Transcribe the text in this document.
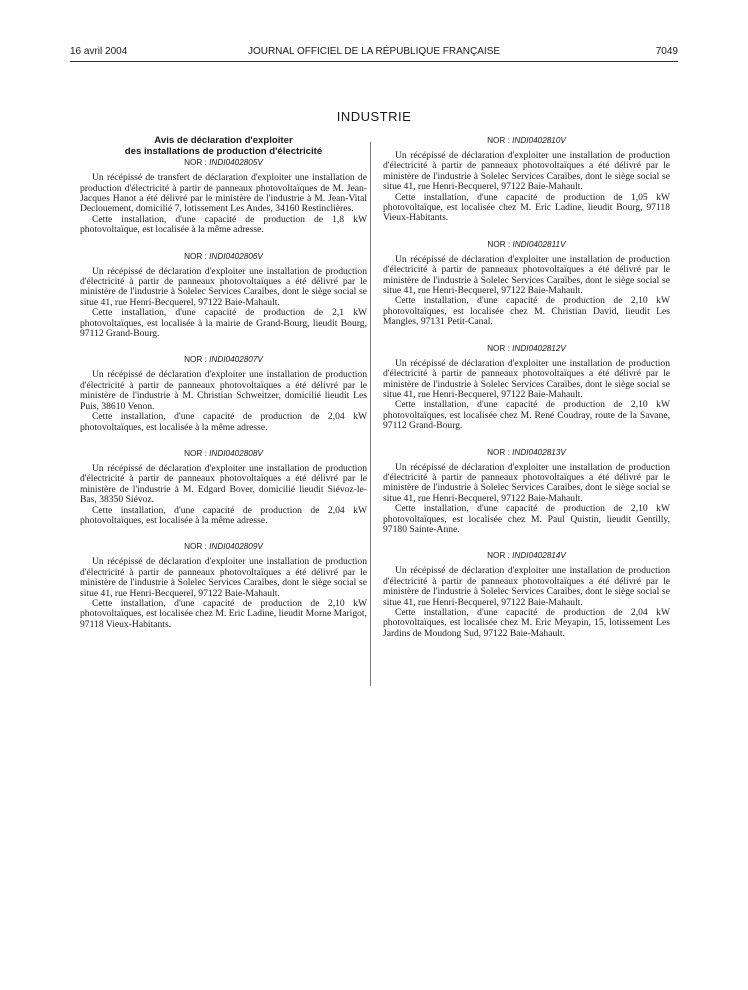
16 avril 2004	JOURNAL OFFICIEL DE LA RÉPUBLIQUE FRANÇAISE	7049
INDUSTRIE
Avis de déclaration d'exploiter
des installations de production d'électricité
NOR : INDI0402805V

Un récépissé de transfert de déclaration d'exploiter une installation de production d'électricité à partir de panneaux photovoltaïques de M. Jean-Jacques Hanot a été délivré par le ministère de l'industrie à M. Jean-Vital Declouement, domicilié 7, lotissement Les Andes, 34160 Restinclières.

Cette installation, d'une capacité de production de 1,8 kW photovoltaïque, est localisée à la même adresse.

NOR : INDI0402806V

Un récépissé de déclaration d'exploiter une installation de production d'électricité à partir de panneaux photovoltaïques a été délivré par le ministère de l'industrie à Solelec Services Caraïbes, dont le siège social se situe 41, rue Henri-Becquerel, 97122 Baie-Mahault.

Cette installation, d'une capacité de production de 2,1 kW photovoltaïques, est localisée à la mairie de Grand-Bourg, lieudit Bourg, 97112 Grand-Bourg.

NOR : INDI0402807V

Un récépissé de déclaration d'exploiter une installation de production d'électricité à partir de panneaux photovoltaïques a été délivré par le ministère de l'industrie à M. Christian Schweitzer, domicilié lieudit Les Puis, 38610 Venon.

Cette installation, d'une capacité de production de 2,04 kW photovoltaïques, est localisée à la même adresse.

NOR : INDI0402808V

Un récépissé de déclaration d'exploiter une installation de production d'électricité à partir de panneaux photovoltaïques a été délivré par le ministère de l'industrie à M. Edgard Bover, domicilié lieudit Siévoz-le-Bas, 38350 Siévoz.

Cette installation, d'une capacité de production de 2,04 kW photovoltaïques, est localisée à la même adresse.

NOR : INDI0402809V

Un récépissé de déclaration d'exploiter une installation de production d'électricité à partir de panneaux photovoltaïques a été délivré par le ministère de l'industrie à Solelec Services Caraïbes, dont le siège social se situe 41, rue Henri-Becquerel, 97122 Baie-Mahault.

Cette installation, d'une capacité de production de 2,10 kW photovoltaïques, est localisée chez M. Eric Ladine, lieudit Morne Marigot, 97118 Vieux-Habitants.

NOR : INDI0402810V

Un récépissé de déclaration d'exploiter une installation de production d'électricité à partir de panneaux photovoltaïques a été délivré par le ministère de l'industrie à Solelec Services Caraïbes, dont le siège social se situe 41, rue Henri-Becquerel, 97122 Baie-Mahault.

Cette installation, d'une capacité de production de 1,05 kW photovoltaïque, est localisée chez M. Eric Ladine, lieudit Bourg, 97118 Vieux-Habitants.

NOR : INDI0402811V

Un récépissé de déclaration d'exploiter une installation de production d'électricité à partir de panneaux photovoltaïques a été délivré par le ministère de l'industrie à Solelec Services Caraïbes, dont le siège social se situe 41, rue Henri-Becquerel, 97122 Baie-Mahault.

Cette installation, d'une capacité de production de 2,10 kW photovoltaïques, est localisée chez M. Christian David, lieudit Les Mangles, 97131 Petit-Canal.

NOR : INDI0402812V

Un récépissé de déclaration d'exploiter une installation de production d'électricité à partir de panneaux photovoltaïques a été délivré par le ministère de l'industrie à Solelec Services Caraïbes, dont le siège social se situe 41, rue Henri-Becquerel, 97122 Baie-Mahault.

Cette installation, d'une capacité de production de 2,10 kW photovoltaïques, est localisée chez M. René Coudray, route de la Savane, 97112 Grand-Bourg.

NOR : INDI0402813V

Un récépissé de déclaration d'exploiter une installation de production d'électricité à partir de panneaux photovoltaïques a été délivré par le ministère de l'industrie à Solelec Services Caraïbes, dont le siège social se situe 41, rue Henri-Becquerel, 97122 Baie-Mahault.

Cette installation, d'une capacité de production de 2,10 kW photovoltaïques, est localisée chez M. Paul Quistin, lieudit Gentilly, 97180 Sainte-Anne.

NOR : INDI0402814V

Un récépissé de déclaration d'exploiter une installation de production d'électricité à partir de panneaux photovoltaïques a été délivré par le ministère de l'industrie à Solelec Services Caraïbes, dont le siège social se situe 41, rue Henri-Becquerel, 97122 Baie-Mahault.

Cette installation, d'une capacité de production de 2,04 kW photovoltaïques, est localisée chez M. Eric Meyapin, 15, lotissement Les Jardins de Moudong Sud, 97122 Baie-Mahault.
